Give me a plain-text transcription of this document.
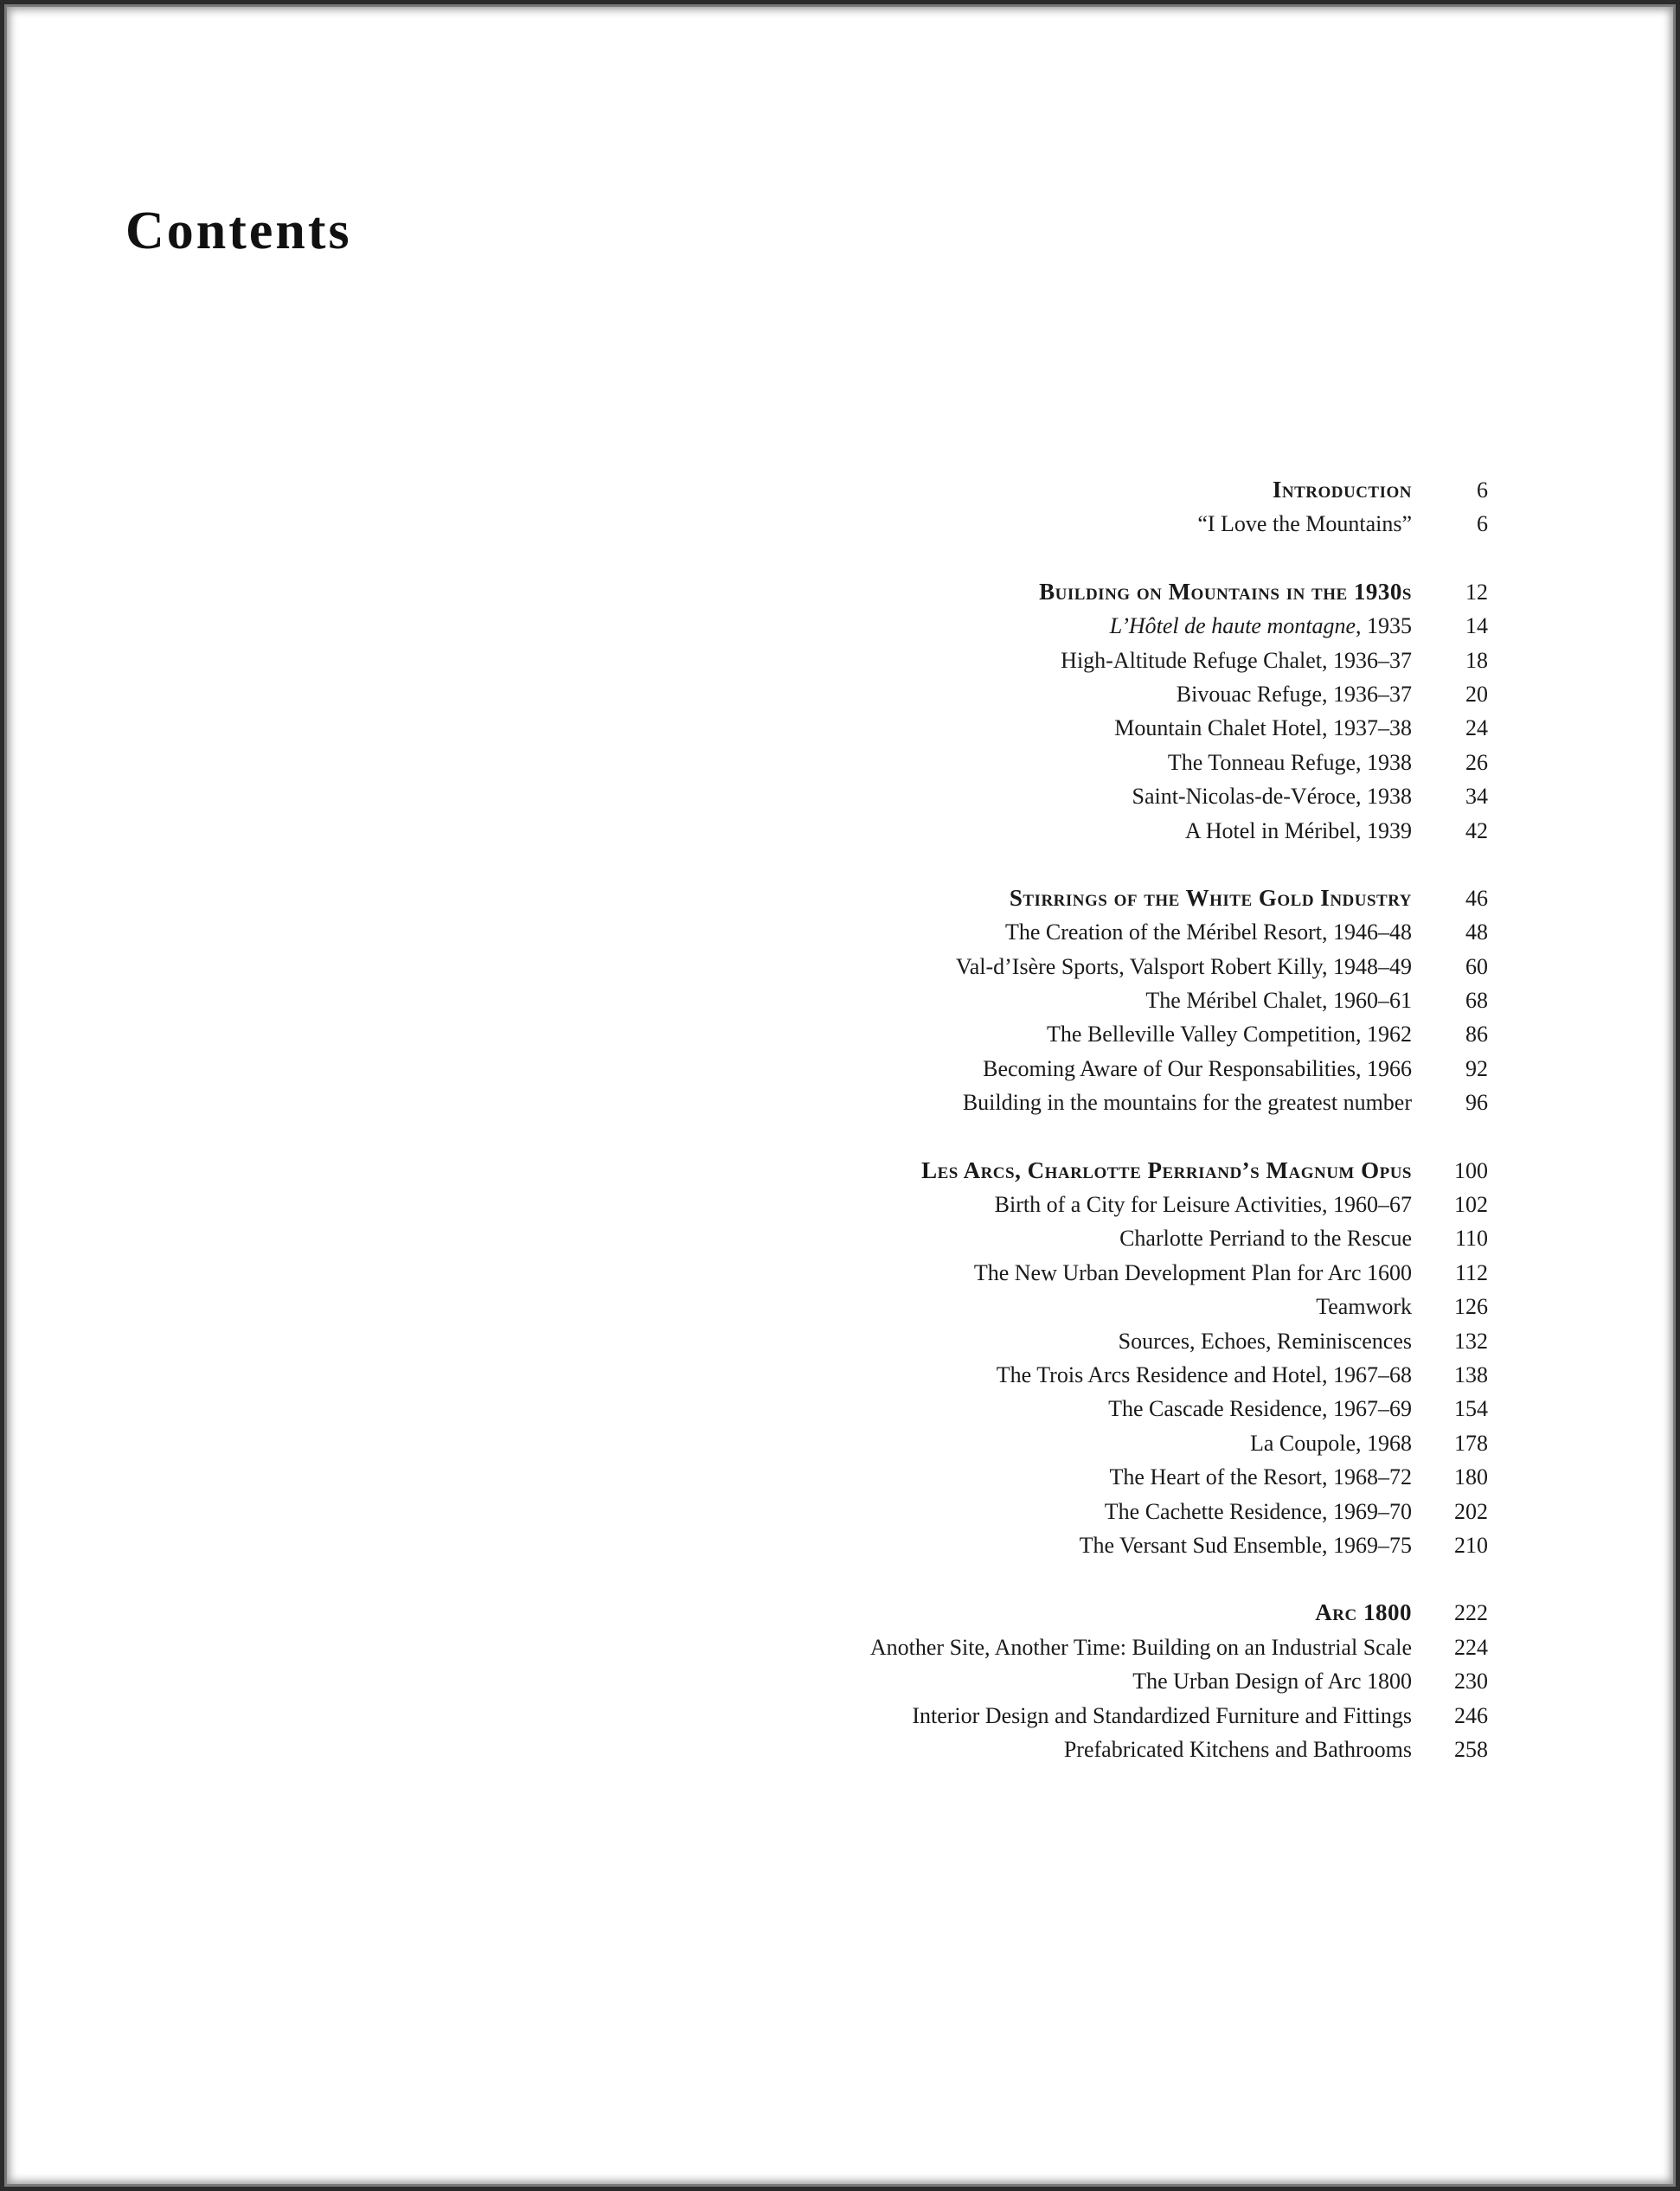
Contents
Introduction	6
“I Love the Mountains”	6
Building on Mountains in the 1930s	12
L’Hôtel de haute montagne, 1935	14
High-Altitude Refuge Chalet, 1936–37	18
Bivouac Refuge, 1936–37	20
Mountain Chalet Hotel, 1937–38	24
The Tonneau Refuge, 1938	26
Saint-Nicolas-de-Véroce, 1938	34
A Hotel in Méribel, 1939	42
Stirrings of the White Gold Industry	46
The Creation of the Méribel Resort, 1946–48	48
Val-d’Isère Sports, Valsport Robert Killy, 1948–49	60
The Méribel Chalet, 1960–61	68
The Belleville Valley Competition, 1962	86
Becoming Aware of Our Responsabilities, 1966	92
Building in the mountains for the greatest number	96
Les Arcs, Charlotte Perriand’s Magnum Opus	100
Birth of a City for Leisure Activities, 1960–67	102
Charlotte Perriand to the Rescue	110
The New Urban Development Plan for Arc 1600	112
Teamwork	126
Sources, Echoes, Reminiscences	132
The Trois Arcs Residence and Hotel, 1967–68	138
The Cascade Residence, 1967–69	154
La Coupole, 1968	178
The Heart of the Resort, 1968–72	180
The Cachette Residence, 1969–70	202
The Versant Sud Ensemble, 1969–75	210
Arc 1800	222
Another Site, Another Time: Building on an Industrial Scale	224
The Urban Design of Arc 1800	230
Interior Design and Standardized Furniture and Fittings	246
Prefabricated Kitchens and Bathrooms	258
